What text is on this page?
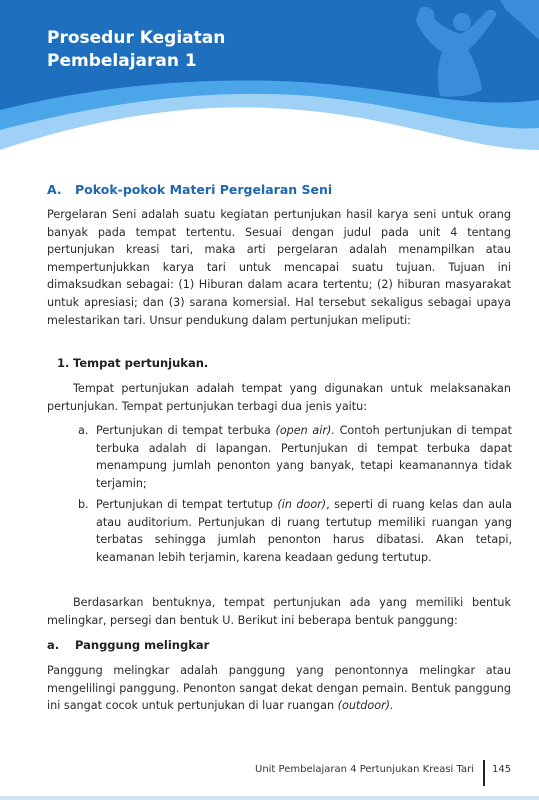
Prosedur Kegiatan
Pembelajaran 1
A. Pokok-pokok Materi Pergelaran Seni

Pergelaran Seni adalah suatu kegiatan pertunjukan hasil karya seni untuk orang banyak pada tempat tertentu. Sesuai dengan judul pada unit 4 tentang pertunjukan kreasi tari, maka arti pergelaran adalah menampilkan atau mempertunjukkan karya tari untuk mencapai suatu tujuan. Tujuan ini dimaksudkan sebagai: (1) Hiburan dalam acara tertentu; (2) hiburan masyarakat untuk apresiasi; dan (3) sarana komersial. Hal tersebut sekaligus sebagai upaya melestarikan tari. Unsur pendukung dalam pertunjukan meliputi:

1. Tempat pertunjukan.

Tempat pertunjukan adalah tempat yang digunakan untuk melaksanakan pertunjukan. Tempat pertunjukan terbagi dua jenis yaitu:

a. Pertunjukan di tempat terbuka (open air). Contoh pertunjukan di tempat terbuka adalah di lapangan. Pertunjukan di tempat terbuka dapat menampung jumlah penonton yang banyak, tetapi keamanannya tidak terjamin;
b. Pertunjukan di tempat tertutup (in door), seperti di ruang kelas dan aula atau auditorium. Pertunjukan di ruang tertutup memiliki ruangan yang terbatas sehingga jumlah penonton harus dibatasi. Akan tetapi, keamanan lebih terjamin, karena keadaan gedung tertutup.

Berdasarkan bentuknya, tempat pertunjukan ada yang memiliki bentuk melingkar, persegi dan bentuk U. Berikut ini beberapa bentuk panggung:

a. Panggung melingkar

Panggung melingkar adalah panggung yang penontonnya melingkar atau mengelilingi panggung. Penonton sangat dekat dengan pemain. Bentuk panggung ini sangat cocok untuk pertunjukan di luar ruangan (outdoor).

Unit Pembelajaran 4 Pertunjukan Kreasi Tari 145
